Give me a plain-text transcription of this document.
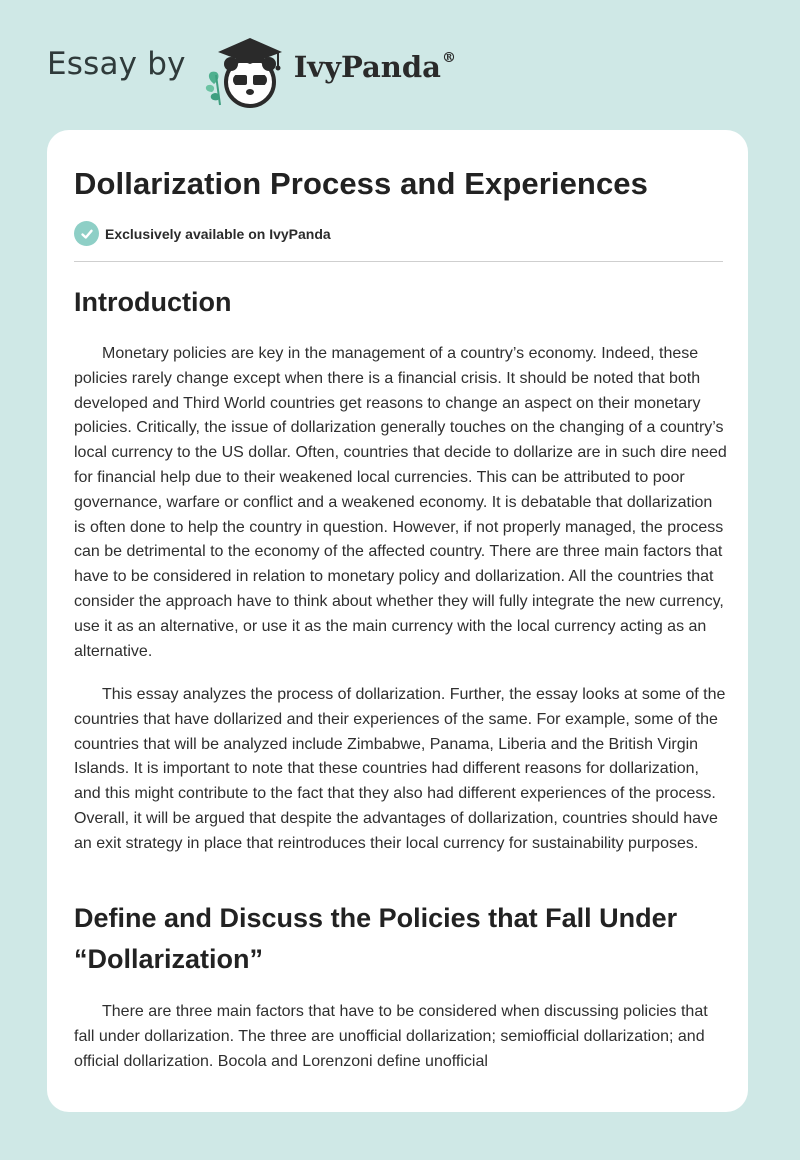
Essay by	IvyPanda®
Dollarization Process and Experiences
Exclusively available on IvyPanda
Introduction

Monetary policies are key in the management of a country’s economy. Indeed, these policies rarely change except when there is a financial crisis. It should be noted that both developed and Third World countries get reasons to change an aspect on their monetary policies. Critically, the issue of dollarization generally touches on the changing of a country’s local currency to the US dollar. Often, countries that decide to dollarize are in such dire need for financial help due to their weakened local currencies. This can be attributed to poor governance, warfare or conflict and a weakened economy. It is debatable that dollarization is often done to help the country in question. However, if not properly managed, the process can be detrimental to the economy of the affected country. There are three main factors that have to be considered in relation to monetary policy and dollarization. All the countries that consider the approach have to think about whether they will fully integrate the new currency, use it as an alternative, or use it as the main currency with the local currency acting as an alternative.

This essay analyzes the process of dollarization. Further, the essay looks at some of the countries that have dollarized and their experiences of the same. For example, some of the countries that will be analyzed include Zimbabwe, Panama, Liberia and the British Virgin Islands. It is important to note that these countries had different reasons for dollarization, and this might contribute to the fact that they also had different experiences of the process. Overall, it will be argued that despite the advantages of dollarization, countries should have an exit strategy in place that reintroduces their local currency for sustainability purposes.

Define and Discuss the Policies that Fall Under “Dollarization”

There are three main factors that have to be considered when discussing policies that fall under dollarization. The three are unofficial dollarization; semiofficial dollarization; and official dollarization. Bocola and Lorenzoni define unofficial
